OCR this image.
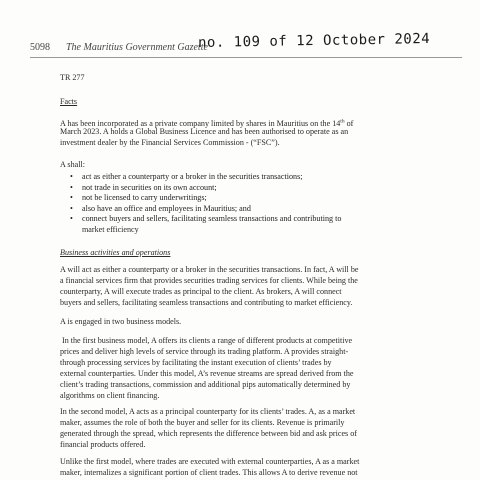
5098 The Mauritius Government Gazette
no. 109 of 12 October 2024
TR 277
Facts
A has been incorporated as a private company limited by shares in Mauritius on the 14th of
March 2023. A holds a Global Business Licence and has been authorised to operate as an
investment dealer by the Financial Services Commission - (“FSC”).
A shall:
• act as either a counterparty or a broker in the securities transactions;
• not trade in securities on its own account;
• not be licensed to carry underwritings;
• also have an office and employees in Mauritius; and
• connect buyers and sellers, facilitating seamless transactions and contributing to
market efficiency
Business activities and operations
A will act as either a counterparty or a broker in the securities transactions. In fact, A will be
a financial services firm that provides securities trading services for clients. While being the
counterparty, A will execute trades as principal to the client. As brokers, A will connect
buyers and sellers, facilitating seamless transactions and contributing to market efficiency.
A is engaged in two business models.
In the first business model, A offers its clients a range of different products at competitive
prices and deliver high levels of service through its trading platform. A provides straight-
through processing services by facilitating the instant execution of clients’ trades by
external counterparties. Under this model, A’s revenue streams are spread derived from the
client’s trading transactions, commission and additional pips automatically determined by
algorithms on client financing.
In the second model, A acts as a principal counterparty for its clients’ trades. A, as a market
maker, assumes the role of both the buyer and seller for its clients. Revenue is primarily
generated through the spread, which represents the difference between bid and ask prices of
financial products offered.
Unlike the first model, where trades are executed with external counterparties, A as a market
maker, internalizes a significant portion of client trades. This allows A to derive revenue not
